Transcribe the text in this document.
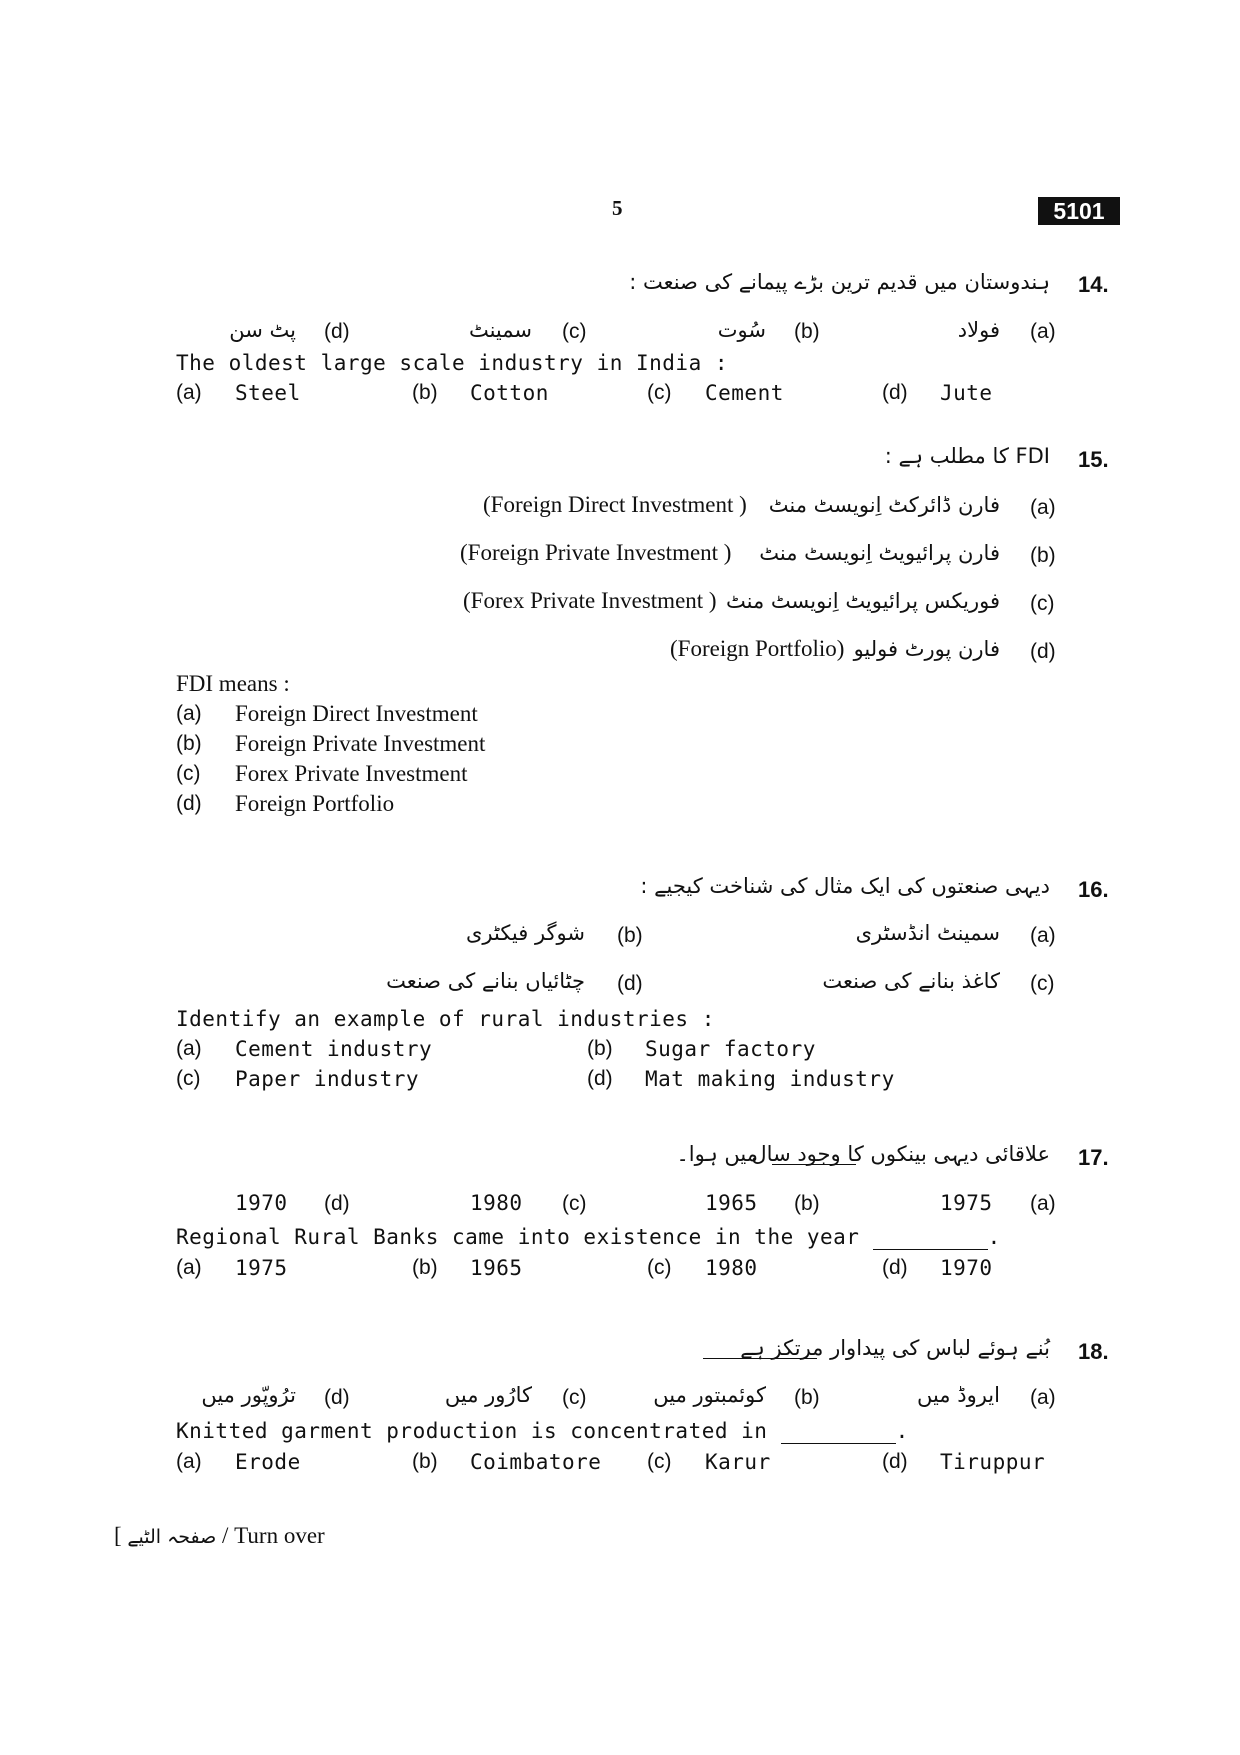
5	5101
14.
ہندوستان میں قدیم ترین بڑے پیمانے کی صنعت :
(a)
فولاد
(b)
سُوت
(c)
سمینٹ
(d)
پٹ سن
The oldest large scale industry in India :
(a) Steel	(b) Cotton	(c) Cement	(d) Jute
15.
FDI کا مطلب ہے :
(a)
فارن ڈائرکٹ اِنویسٹ منٹ
(Foreign Direct Investment )
(b)
فارن پرائیویٹ اِنویسٹ منٹ
(Foreign Private Investment )
(c)
فوریکس پرائیویٹ اِنویسٹ منٹ
(Forex Private Investment )
(d)
فارن پورٹ فولیو
(Foreign Portfolio)
FDI means :
(a) Foreign Direct Investment
(b) Foreign Private Investment
(c) Forex Private Investment
(d) Foreign Portfolio
16.
دیہی صنعتوں کی ایک مثال کی شناخت کیجیے :
(a)
سمینٹ انڈسٹری
(b)
شوگر فیکٹری
(c)
کاغذ بنانے کی صنعت
(d)
چٹائیاں بنانے کی صنعت
Identify an example of rural industries :
(a) Cement industry	(b) Sugar factory
(c) Paper industry	(d) Mat making industry
17.
علاقائی دیہی بینکوں کا وجود سال
میں ہوا۔
(a)
1975
(b)
1965
(c)
1980
(d)
1970
Regional Rural Banks came into existence in the year	.
(a) 1975	(b) 1965	(c) 1980	(d) 1970
18.
بُنے ہوئے لباس کی پیداوار مرتکز ہے
(a)
ایروڈ میں
(b)
کوئمبتور میں
(c)
کارُور میں
(d)
ترُوپّور میں
Knitted garment production is concentrated in	.
(a) Erode	(b) Coimbatore (c) Karur	(d) Tiruppur
[ صفحہ الٹیے / Turn over
